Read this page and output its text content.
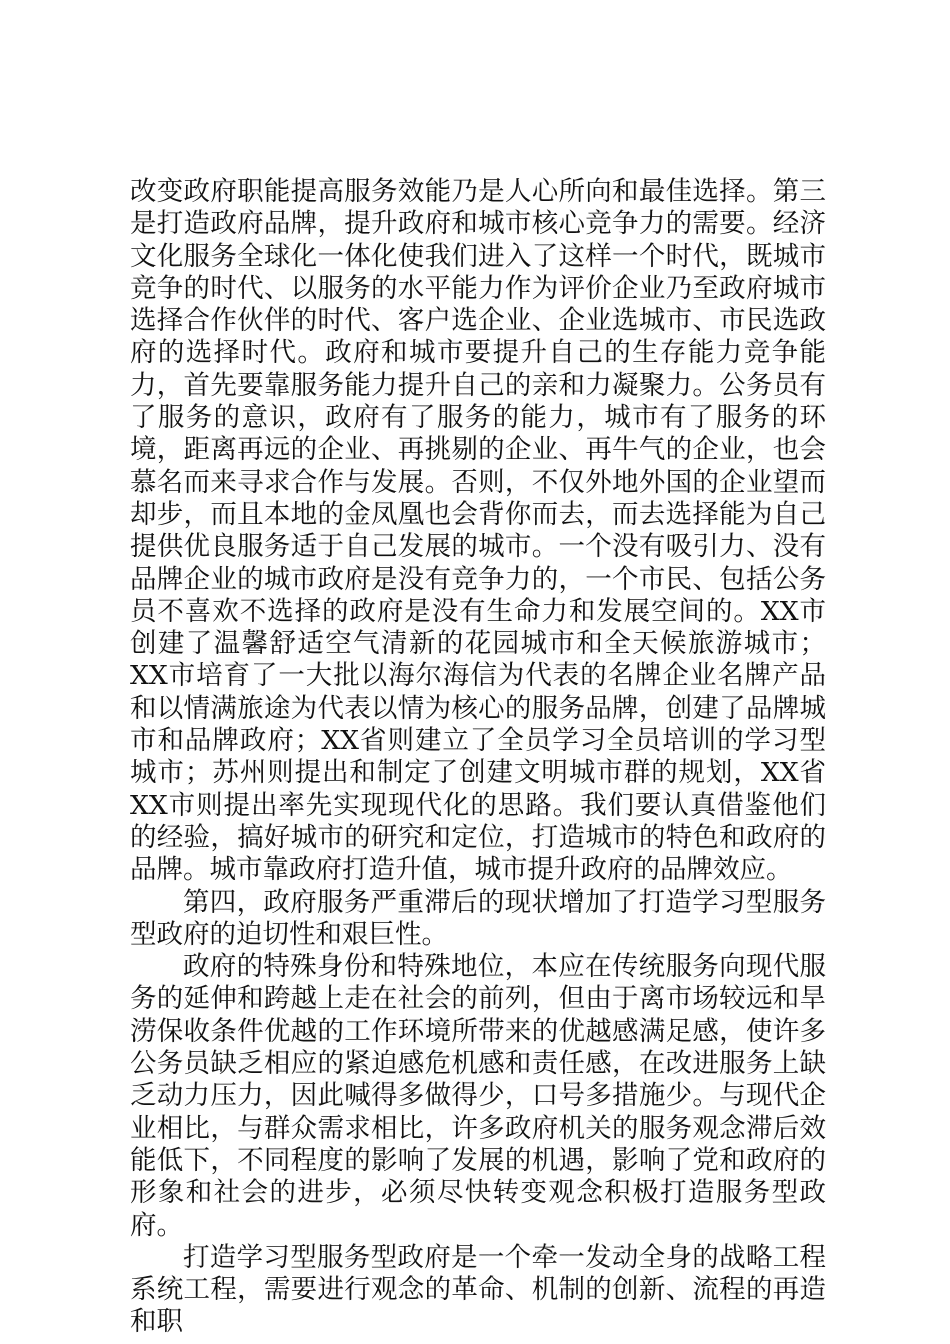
改变政府职能提高服务效能乃是人心所向和最佳选择。第三是打造政府品牌，提升政府和城市核心竞争力的需要。经济文化服务全球化一体化使我们进入了这样一个时代，既城市竞争的时代、以服务的水平能力作为评价企业乃至政府城市选择合作伙伴的时代、客户选企业、企业选城市、市民选政府的选择时代。政府和城市要提升自己的生存能力竞争能力，首先要靠服务能力提升自己的亲和力凝聚力。公务员有了服务的意识，政府有了服务的能力，城市有了服务的环境，距离再远的企业、再挑剔的企业、再牛气的企业，也会慕名而来寻求合作与发展。否则，不仅外地外国的企业望而却步，而且本地的金凤凰也会背你而去，而去选择能为自己提供优良服务适于自己发展的城市。一个没有吸引力、没有品牌企业的城市政府是没有竞争力的，一个市民、包括公务员不喜欢不选择的政府是没有生命力和发展空间的。XX市创建了温馨舒适空气清新的花园城市和全天候旅游城市；XX市培育了一大批以海尔海信为代表的名牌企业名牌产品和以情满旅途为代表以情为核心的服务品牌，创建了品牌城市和品牌政府；XX省则建立了全员学习全员培训的学习型城市；苏州则提出和制定了创建文明城市群的规划，XX省XX市则提出率先实现现代化的思路。我们要认真借鉴他们的经验，搞好城市的研究和定位，打造城市的特色和政府的品牌。城市靠政府打造升值，城市提升政府的品牌效应。

第四，政府服务严重滞后的现状增加了打造学习型服务型政府的迫切性和艰巨性。

政府的特殊身份和特殊地位，本应在传统服务向现代服务的延伸和跨越上走在社会的前列，但由于离市场较远和旱涝保收条件优越的工作环境所带来的优越感满足感，使许多公务员缺乏相应的紧迫感危机感和责任感，在改进服务上缺乏动力压力，因此喊得多做得少，口号多措施少。与现代企业相比，与群众需求相比，许多政府机关的服务观念滞后效能低下，不同程度的影响了发展的机遇，影响了党和政府的形象和社会的进步，必须尽快转变观念积极打造服务型政府。

打造学习型服务型政府是一个牵一发动全身的战略工程系统工程，需要进行观念的革命、机制的创新、流程的再造和职
